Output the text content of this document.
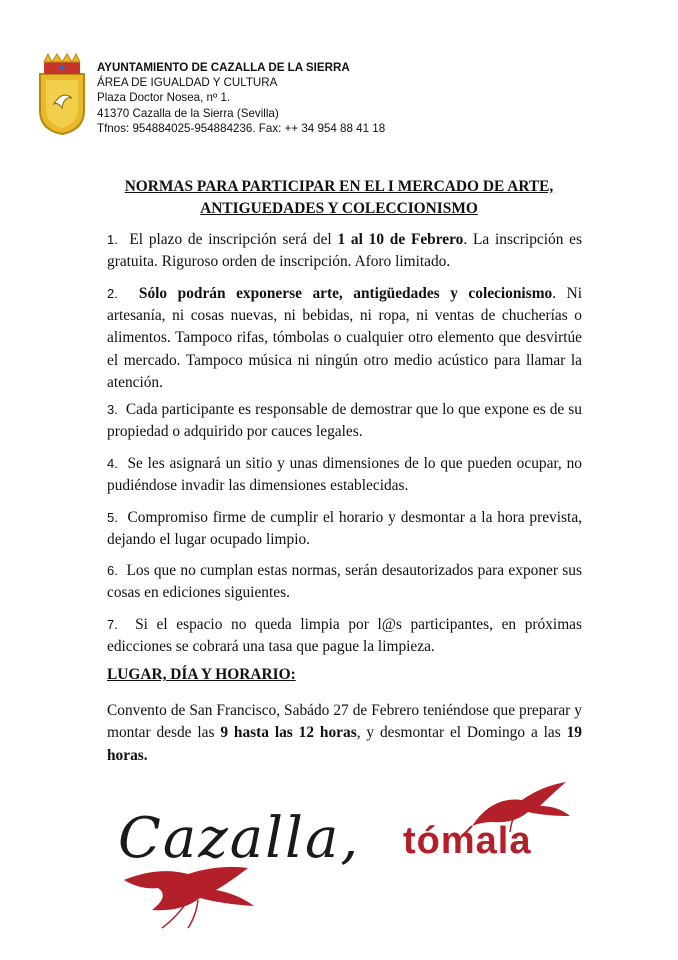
AYUNTAMIENTO DE CAZALLA DE LA SIERRA
ÁREA DE IGUALDAD Y CULTURA
Plaza Doctor Nosea, nº 1.
41370 Cazalla de la Sierra (Sevilla)
Tfnos: 954884025-954884236. Fax: ++ 34 954 88 41 18
NORMAS PARA PARTICIPAR EN EL I MERCADO DE ARTE,
ANTIGUEDADES Y COLECCIONISMO
1. El plazo de inscripción será del 1 al 10 de Febrero. La inscripción es gratuita. Riguroso orden de inscripción. Aforo limitado.
2. Sólo podrán exponerse arte, antigüedades y colecionismo. Ni artesanía, ni cosas nuevas, ni bebidas, ni ropa, ni ventas de chucherías o alimentos. Tampoco rifas, tómbolas o cualquier otro elemento que desvirtúe el mercado. Tampoco música ni ningún otro medio acústico para llamar la atención.
3. Cada participante es responsable de demostrar que lo que expone es de su propiedad o adquirido por cauces legales.
4. Se les asignará un sitio y unas dimensiones de lo que pueden ocupar, no pudiéndose invadir las dimensiones establecidas.
5. Compromiso firme de cumplir el horario y desmontar a la hora prevista, dejando el lugar ocupado limpio.
6. Los que no cumplan estas normas, serán desautorizados para exponer sus cosas en ediciones siguientes.
7. Si el espacio no queda limpia por l@s participantes, en próximas edicciones se cobrará una tasa que pague la limpieza.
LUGAR, DÍA Y HORARIO:
Convento de San Francisco, Sabádo 27 de Febrero teniéndose que preparar y montar desde las 9 hasta las 12 horas, y desmontar el Domingo a las 19 horas.
Cazalla, tómala
